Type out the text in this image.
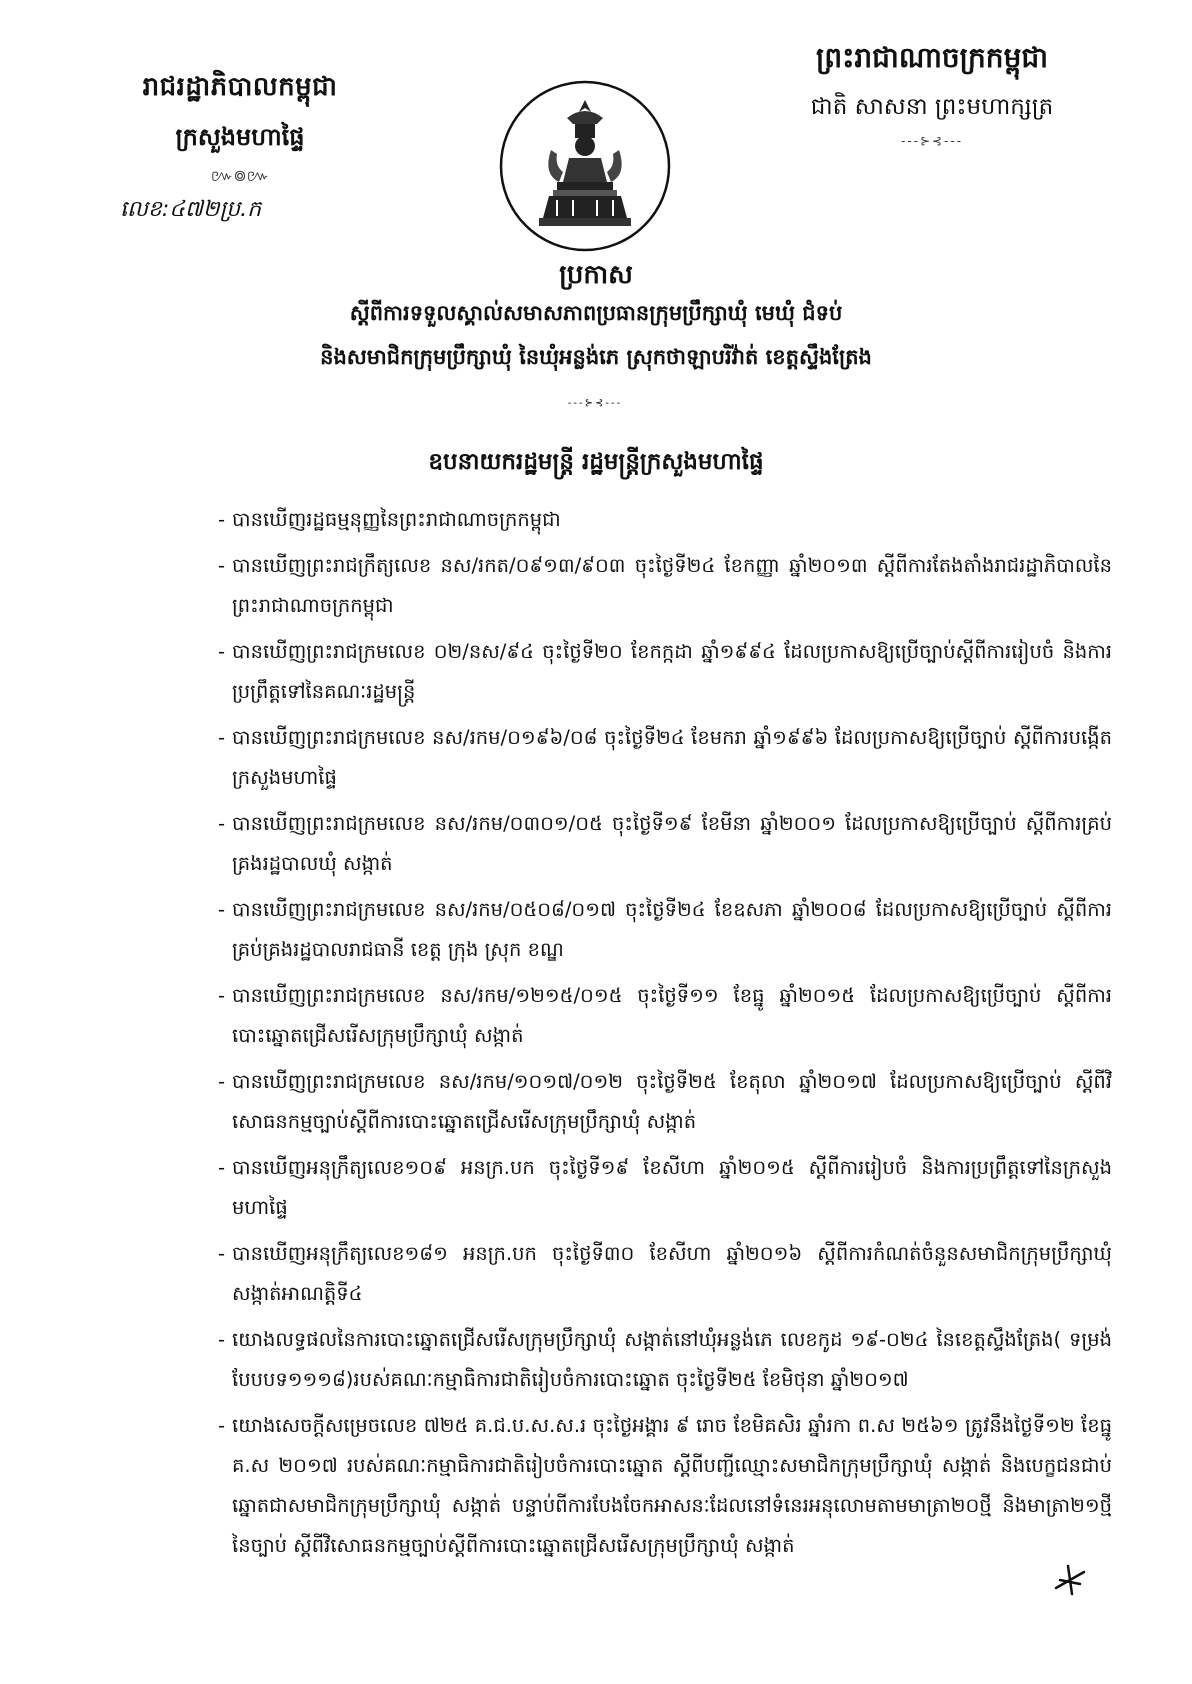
រាជរដ្ឋាភិបាលកម្ពុជា
ក្រសួងមហាផ្ទៃ
៚៙៚
លេខ:៤៧២ប្រ.ក
ព្រះរាជាណាចក្រកម្ពុជា
ជាតិ សាសនា ព្រះមហាក្សត្រ
---⊱⊰---
ប្រកាស
ស្តីពីការទទួលស្គាល់សមាសភាពប្រធានក្រុមប្រឹក្សាឃុំ មេឃុំ ជំទប់
និងសមាជិកក្រុមប្រឹក្សាឃុំ នៃឃុំអន្លង់ភេ ស្រុកថាឡាបរិវ៉ាត់ ខេត្តស្ទឹងត្រែង
---⊱⊰---
ឧបនាយករដ្ឋមន្ត្រី រដ្ឋមន្ត្រីក្រសួងមហាផ្ទៃ
- បានឃើញរដ្ឋធម្មនុញ្ញនៃព្រះរាជាណាចក្រកម្ពុជា
- បានឃើញព្រះរាជក្រឹត្យលេខ នស/រកត/០៩១៣/៩០៣ ចុះថ្ងៃទី២៤ ខែកញ្ញា ឆ្នាំ២០១៣ ស្តីពីការតែងតាំងរាជរដ្ឋាភិបាលនៃព្រះរាជាណាចក្រកម្ពុជា
- បានឃើញព្រះរាជក្រមលេខ ០២/នស/៩៤ ចុះថ្ងៃទី២០ ខែកក្កដា ឆ្នាំ១៩៩៤ ដែលប្រកាសឱ្យប្រើច្បាប់ស្តីពីការរៀបចំ និងការប្រព្រឹត្តទៅនៃគណៈរដ្ឋមន្ត្រី
- បានឃើញព្រះរាជក្រមលេខ នស/រកម/០១៩៦/០៨ ចុះថ្ងៃទី២៤ ខែមករា ឆ្នាំ១៩៩៦ ដែលប្រកាសឱ្យប្រើច្បាប់ ស្តីពីការបង្កើតក្រសួងមហាផ្ទៃ
- បានឃើញព្រះរាជក្រមលេខ នស/រកម/០៣០១/០៥ ចុះថ្ងៃទី១៩ ខែមីនា ឆ្នាំ២០០១ ដែលប្រកាសឱ្យប្រើច្បាប់ ស្តីពីការគ្រប់គ្រងរដ្ឋបាលឃុំ សង្កាត់
- បានឃើញព្រះរាជក្រមលេខ នស/រកម/០៥០៨/០១៧ ចុះថ្ងៃទី២៤ ខែឧសភា ឆ្នាំ២០០៨ ដែលប្រកាសឱ្យប្រើច្បាប់ ស្តីពីការគ្រប់គ្រងរដ្ឋបាលរាជធានី ខេត្ត ក្រុង ស្រុក ខណ្ឌ
- បានឃើញព្រះរាជក្រមលេខ នស/រកម/១២១៥/០១៥ ចុះថ្ងៃទី១១ ខែធ្នូ ឆ្នាំ២០១៥ ដែលប្រកាសឱ្យប្រើច្បាប់ ស្តីពីការបោះឆ្នោតជ្រើសរើសក្រុមប្រឹក្សាឃុំ សង្កាត់
- បានឃើញព្រះរាជក្រមលេខ នស/រកម/១០១៧/០១២ ចុះថ្ងៃទី២៥ ខែតុលា ឆ្នាំ២០១៧ ដែលប្រកាសឱ្យប្រើច្បាប់ ស្តីពីវិសោធនកម្មច្បាប់ស្តីពីការបោះឆ្នោតជ្រើសរើសក្រុមប្រឹក្សាឃុំ សង្កាត់
- បានឃើញអនុក្រឹត្យលេខ១០៩ អនក្រ.បក ចុះថ្ងៃទី១៩ ខែសីហា ឆ្នាំ២០១៥ ស្តីពីការរៀបចំ និងការប្រព្រឹត្តទៅនៃក្រសួងមហាផ្ទៃ
- បានឃើញអនុក្រឹត្យលេខ១៨១ អនក្រ.បក ចុះថ្ងៃទី៣០ ខែសីហា ឆ្នាំ២០១៦ ស្តីពីការកំណត់ចំនួនសមាជិកក្រុមប្រឹក្សាឃុំ សង្កាត់អាណត្តិទី៤
- យោងលទ្ធផលនៃការបោះឆ្នោតជ្រើសរើសក្រុមប្រឹក្សាឃុំ សង្កាត់នៅឃុំអន្លង់ភេ លេខកូដ ១៩-០២៤ នៃខេត្តស្ទឹងត្រែង( ទម្រង់បែបបទ១១១៨)របស់គណៈកម្មាធិការជាតិរៀបចំការបោះឆ្នោត ចុះថ្ងៃទី២៥ ខែមិថុនា ឆ្នាំ២០១៧
- យោងសេចក្តីសម្រេចលេខ ៧២៥ គ.ជ.ប.ស.ស.រ ចុះថ្ងៃអង្គារ ៩ រោច ខែមិគសិរ ឆ្នាំរកា ព.ស ២៥៦១ ត្រូវនឹងថ្ងៃទី១២ ខែធ្នូ គ.ស ២០១៧ របស់គណៈកម្មាធិការជាតិរៀបចំការបោះឆ្នោត ស្តីពីបញ្ជីឈ្មោះសមាជិកក្រុមប្រឹក្សាឃុំ សង្កាត់ និងបេក្ខជនជាប់ឆ្នោតជាសមាជិកក្រុមប្រឹក្សាឃុំ សង្កាត់ បន្ទាប់ពីការបែងចែកអាសនៈដែលនៅទំនេរអនុលោមតាមមាត្រា២០ថ្មី និងមាត្រា២១ថ្មី នៃច្បាប់ ស្តីពីវិសោធនកម្មច្បាប់ស្តីពីការបោះឆ្នោតជ្រើសរើសក្រុមប្រឹក្សាឃុំ សង្កាត់
